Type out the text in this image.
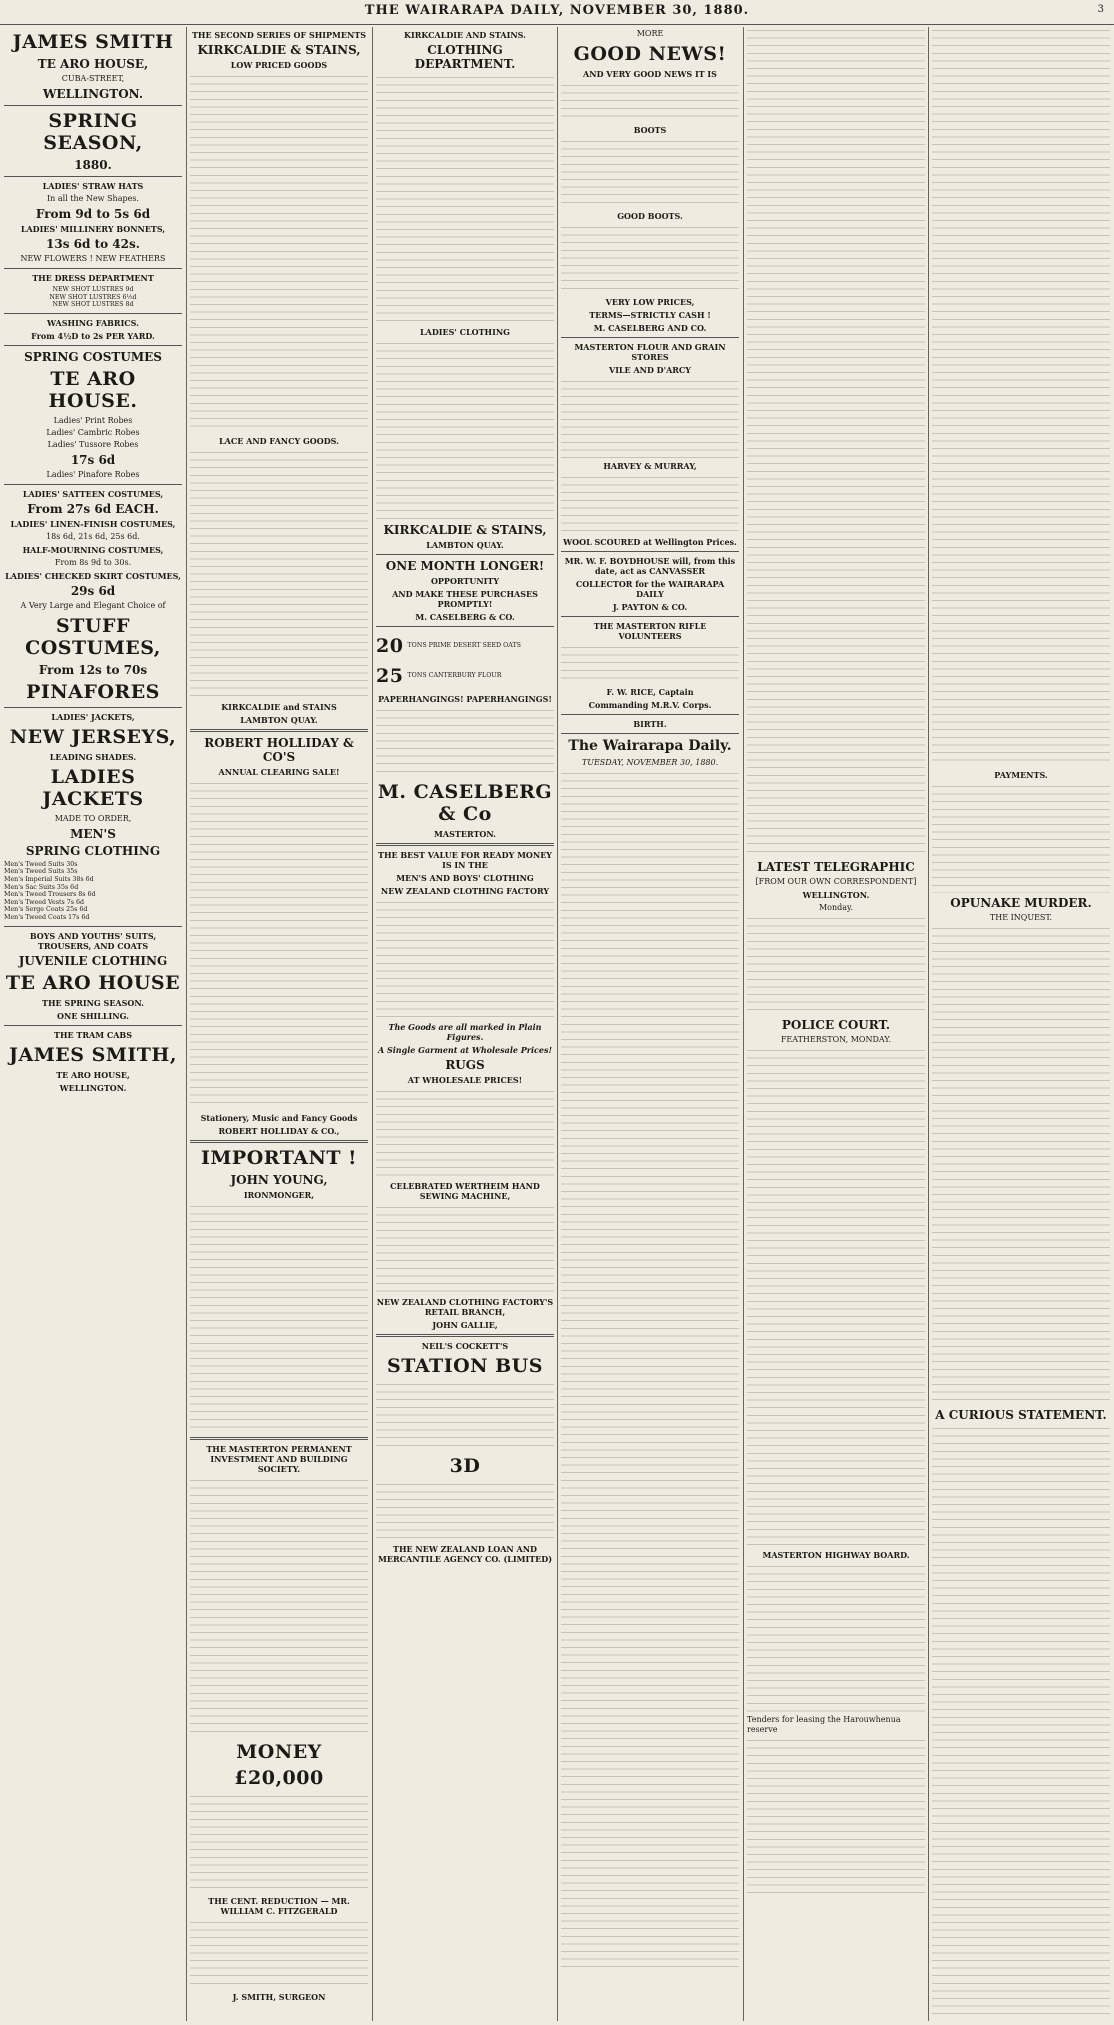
THE WAIRARAPA DAILY, NOVEMBER 30, 1880.	3
JAMES SMITH
TE ARO HOUSE,
CUBA-STREET,
WELLINGTON.
SPRING SEASON,
1880.
LADIES' STRAW HATS
In all the New Shapes.
From 9d to 5s 6d
LADIES' MILLINERY BONNETS,
13s 6d to 42s.
NEW FLOWERS ! NEW FEATHERS
THE DRESS DEPARTMENT
NEW SHOT LUSTRES 9d
NEW SHOT LUSTRES 6½d
NEW SHOT LUSTRES 8d
WASHING FABRICS.
From 4½D to 2s PER YARD.
SPRING COSTUMES
TE ARO HOUSE.
Ladies' Print Robes
Ladies' Cambric Robes
Ladies' Tussore Robes
17s 6d
Ladies' Pinafore Robes
LADIES' SATTEEN COSTUMES,
From 27s 6d EACH.
LADIES' LINEN-FINISH COSTUMES,
18s 6d, 21s 6d, 25s 6d.
HALF-MOURNING COSTUMES,
From 8s 9d to 30s.
LADIES' CHECKED SKIRT COSTUMES,
29s 6d
A Very Large and Elegant Choice of
STUFF COSTUMES,
From 12s to 70s
PINAFORES
LADIES' JACKETS,
NEW JERSEYS,
LEADING SHADES.
LADIES JACKETS
MADE TO ORDER,
MEN'S
SPRING CLOTHING
Men's Tweed Suits 30s
Men's Tweed Suits 35s
Men's Imperial Suits 38s 6d
Men's Sac Suits 35s 6d
Men's Tweed Trousers 8s 6d
Men's Tweed Vests 7s 6d
Men's Serge Coats 25s 6d
Men's Tweed Coats 17s 6d
BOYS AND YOUTHS' SUITS, TROUSERS, AND COATS
JUVENILE CLOTHING
TE ARO HOUSE
THE SPRING SEASON.
ONE SHILLING.
THE TRAM CABS
JAMES SMITH,
TE ARO HOUSE,
WELLINGTON.
THE SECOND SERIES OF SHIPMENTS
KIRKCALDIE & STAINS,
LOW PRICED GOODS
LACE AND FANCY GOODS.
KIRKCALDIE and STAINS
LAMBTON QUAY.
ROBERT HOLLIDAY & CO'S
ANNUAL CLEARING SALE!
Stationery, Music and Fancy Goods
ROBERT HOLLIDAY & CO.,
IMPORTANT !
JOHN YOUNG,
IRONMONGER,
THE MASTERTON PERMANENT INVESTMENT AND BUILDING SOCIETY.
MONEY
£20,000
THE CENT. REDUCTION — MR. WILLIAM C. FITZGERALD
J. SMITH, SURGEON
KIRKCALDIE AND STAINS.
CLOTHING DEPARTMENT.
LADIES' CLOTHING
KIRKCALDIE & STAINS,
LAMBTON QUAY.
ONE MONTH LONGER!
OPPORTUNITY
AND MAKE THESE PURCHASES PROMPTLY!
M. CASELBERG & CO.
20 TONS PRIME DESERT SEED OATS
25 TONS CANTERBURY FLOUR
PAPERHANGINGS! PAPERHANGINGS!
M. CASELBERG & Co
MASTERTON.
THE BEST VALUE FOR READY MONEY IS IN THE
MEN'S AND BOYS' CLOTHING
NEW ZEALAND CLOTHING FACTORY
The Goods are all marked in Plain Figures.
A Single Garment at Wholesale Prices!
RUGS
AT WHOLESALE PRICES!
CELEBRATED WERTHEIM HAND SEWING MACHINE,
NEW ZEALAND CLOTHING FACTORY'S RETAIL BRANCH,
JOHN GALLIE,
NEIL'S COCKETT'S
STATION BUS
3D
THE NEW ZEALAND LOAN AND MERCANTILE AGENCY CO. (LIMITED)
MORE
GOOD NEWS!
AND VERY GOOD NEWS IT IS
BOOTS
GOOD BOOTS.
VERY LOW PRICES,
TERMS—STRICTLY CASH !
M. CASELBERG AND CO.
MASTERTON FLOUR AND GRAIN STORES
VILE AND D'ARCY
HARVEY & MURRAY,
WOOL SCOURED at Wellington Prices.
MR. W. F. BOYDHOUSE will, from this date, act as CANVASSER
COLLECTOR for the WAIRARAPA DAILY
J. PAYTON & CO.
THE MASTERTON RIFLE VOLUNTEERS
F. W. RICE, Captain
Commanding M.R.V. Corps.
BIRTH.
The Wairarapa Daily.
TUESDAY, NOVEMBER 30, 1880.
LATEST TELEGRAPHIC
[FROM OUR OWN CORRESPONDENT]
WELLINGTON.
Monday.
POLICE COURT.
FEATHERSTON, MONDAY.
MASTERTON HIGHWAY BOARD.
Tenders for leasing the Harouwhenua reserve
PAYMENTS.
OPUNAKE MURDER.
THE INQUEST.
A CURIOUS STATEMENT.
